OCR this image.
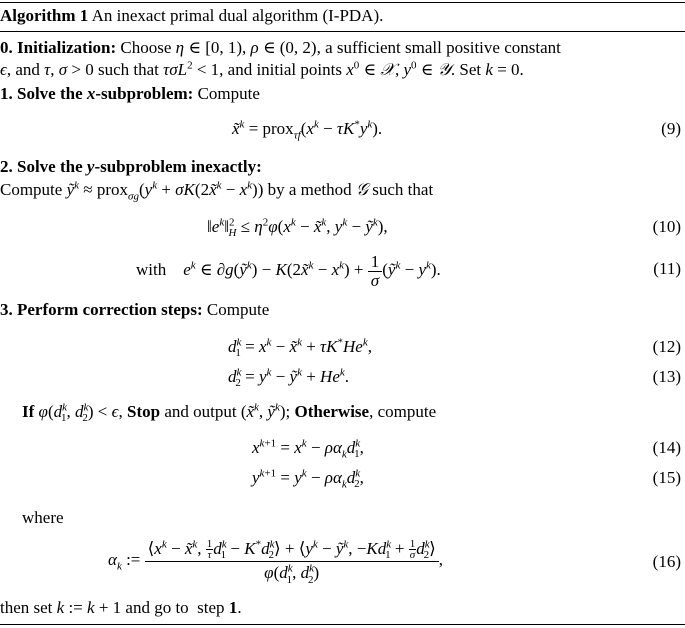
Algorithm 1 An inexact primal dual algorithm (I-PDA).
0. Initialization: Choose η ∈ [0, 1), ρ ∈ (0, 2), a sufficient small positive constant
ϵ, and τ, σ > 0 such that τσL$^2$ < 1, and initial points $x^0$ ∈ 𝒳, $y^0$ ∈ 𝒴. Set k = 0.
1. Solve the x-subproblem: Compute
x̃$^k$ = $prox_{\tau f}(x^k - \tau K^*y^k)$.	(9)
2. Solve the y-subproblem inexactly:
Compute ỹ$^k$ ≈ $prox_{\sigma g}(y^k$ + σK(2x̃$^k$ − $x^k$)) by a method 𝒢 such that
$‖e^k‖^2_H \le \eta^2\varphi(x^k$ − x̃$^k$, $y^k$ − ỹ$^k$),	(10)
with $e^k$ ∈ ∂g(ỹ$^k$) − K(2x̃$^k$ − $x^k) + \frac{1}{\sigma}$ (ỹ$^k$ − $y^k$).	(11)
3. Perform correction steps: Compute
$d^k_1 = x^k$ − x̃$^k$ + $\tau K^*He^k$,	(12)
$d^k_2 = y^k$ − ỹ$^k$ + $He^k$.	(13)
If $\varphi(d^k_1$, $d^k_2) < \epsilon$, Stop and output (x̃$^k$, ỹ$^k$); Otherwise, compute
$x^{k+1} = x^k - \rho\alpha_kd^k_1$,	(14)
$y^{k+1} = y^k - \rho\alpha_kd^k_2$,	(15)
where
$\alpha_k$ := $\frac{⟨x^k - x̃^k, \frac{1}{\tau} d^k_1 - K^*d^k_2⟩ + ⟨y^k - ỹ^k, -Kd^k_1 + \frac{1}{\sigma} d^k_2⟩}{\varphi(d^k_1, d^k_2)}$ ,	(16)
then set k := k + 1 and go to  step 1.
